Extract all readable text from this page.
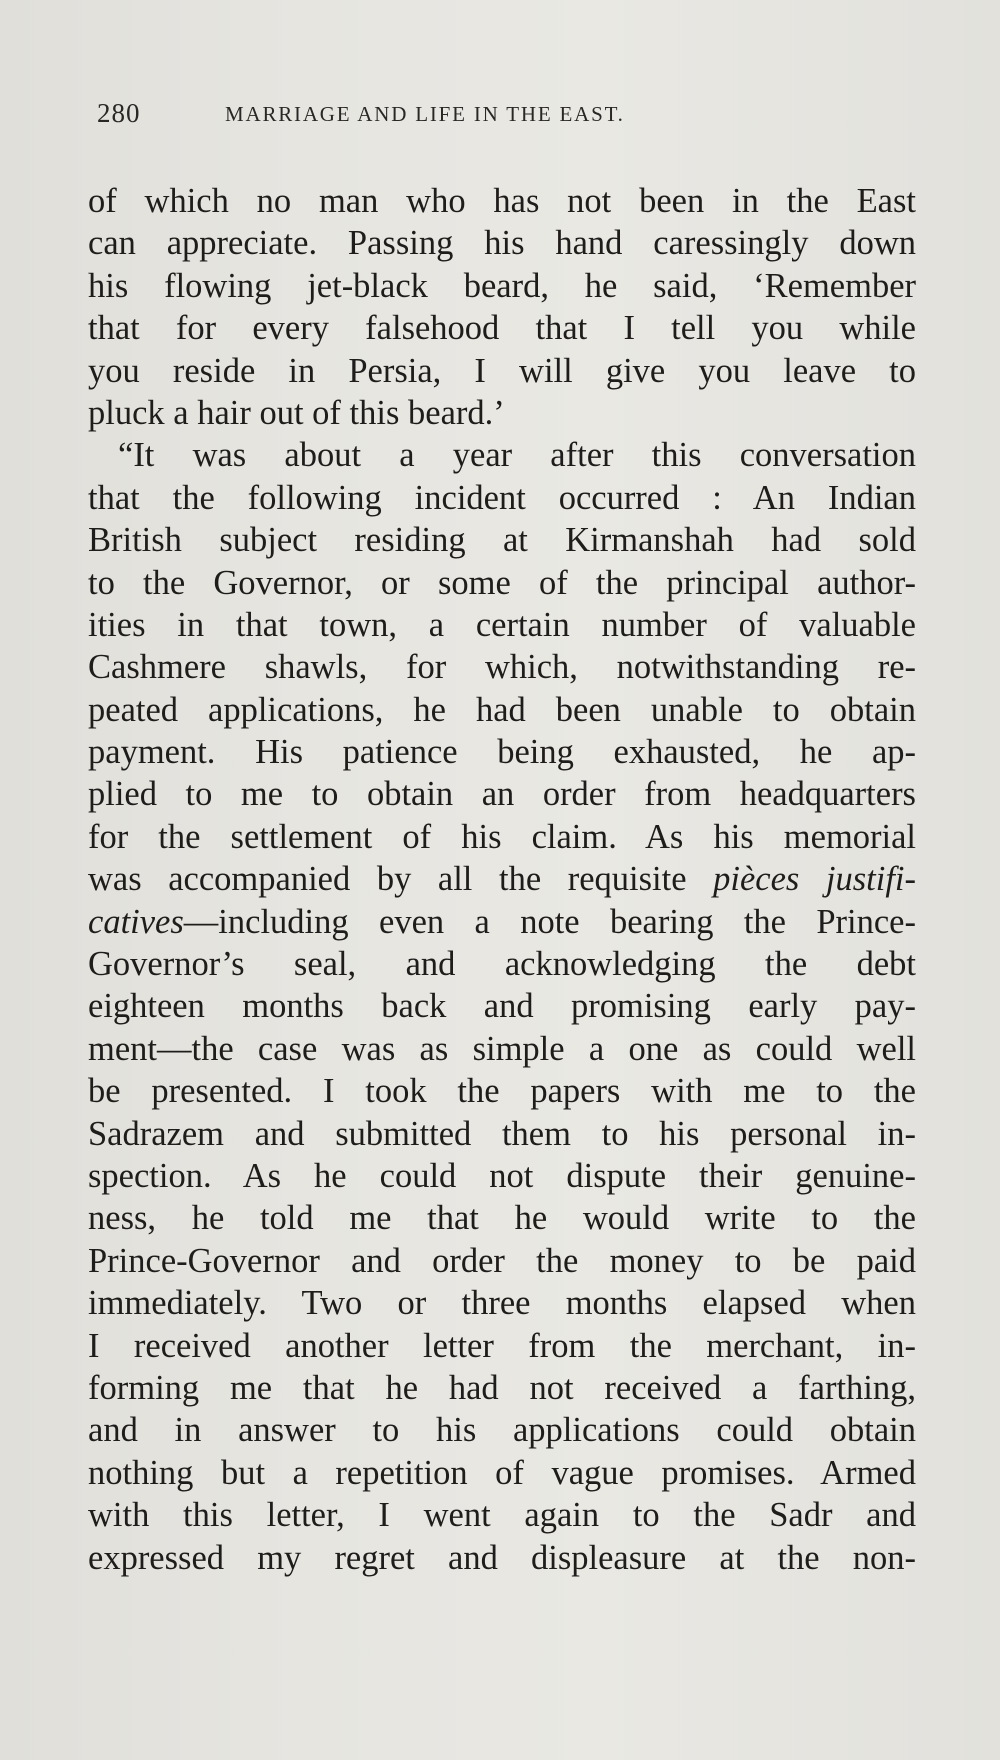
280	MARRIAGE AND LIFE IN THE EAST.
of which no man who has not been in the East
can appreciate. Passing his hand caressingly down
his flowing jet-black beard, he said, ‘Remember
that for every falsehood that I tell you while
you reside in Persia, I will give you leave to
pluck a hair out of this beard.’
“It was about a year after this conversation
that the following incident occurred : An Indian
British subject residing at Kirmanshah had sold
to the Governor, or some of the principal author-
ities in that town, a certain number of valuable
Cashmere shawls, for which, notwithstanding re-
peated applications, he had been unable to obtain
payment. His patience being exhausted, he ap-
plied to me to obtain an order from headquarters
for the settlement of his claim. As his memorial
was accompanied by all the requisite pièces justifi-
catives—including even a note bearing the Prince-
Governor’s seal, and acknowledging the debt
eighteen months back and promising early pay-
ment—the case was as simple a one as could well
be presented. I took the papers with me to the
Sadrazem and submitted them to his personal in-
spection. As he could not dispute their genuine-
ness, he told me that he would write to the
Prince-Governor and order the money to be paid
immediately. Two or three months elapsed when
I received another letter from the merchant, in-
forming me that he had not received a farthing,
and in answer to his applications could obtain
nothing but a repetition of vague promises. Armed
with this letter, I went again to the Sadr and
expressed my regret and displeasure at the non-
